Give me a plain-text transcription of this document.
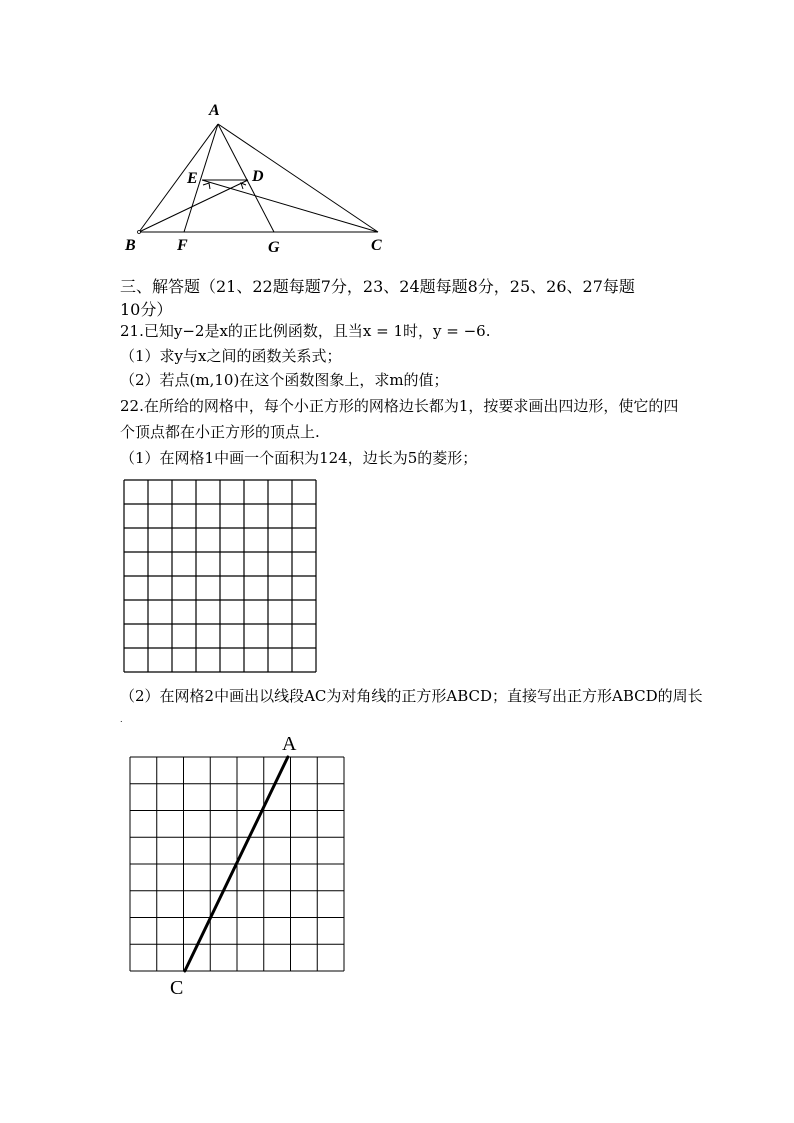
A
E	D
B	F	G	C
三、解答题（21、22题每题7分，23、24题每题8分，25、26、27每题
10分）
21.已知y−2是x的正比例函数，且当x = 1时，y = −6.
（1）求y与x之间的函数关系式；
（2）若点(m,10)在这个函数图象上，求m的值；
22.在所给的网格中，每个小正方形的网格边长都为1，按要求画出四边形，使它的四
个顶点都在小正方形的顶点上.
（1）在网格1中画一个面积为124，边长为5的菱形；
（2）在网格2中画出以线段AC为对角线的正方形ABCD；直接写出正方形ABCD的周长
.
A
C
